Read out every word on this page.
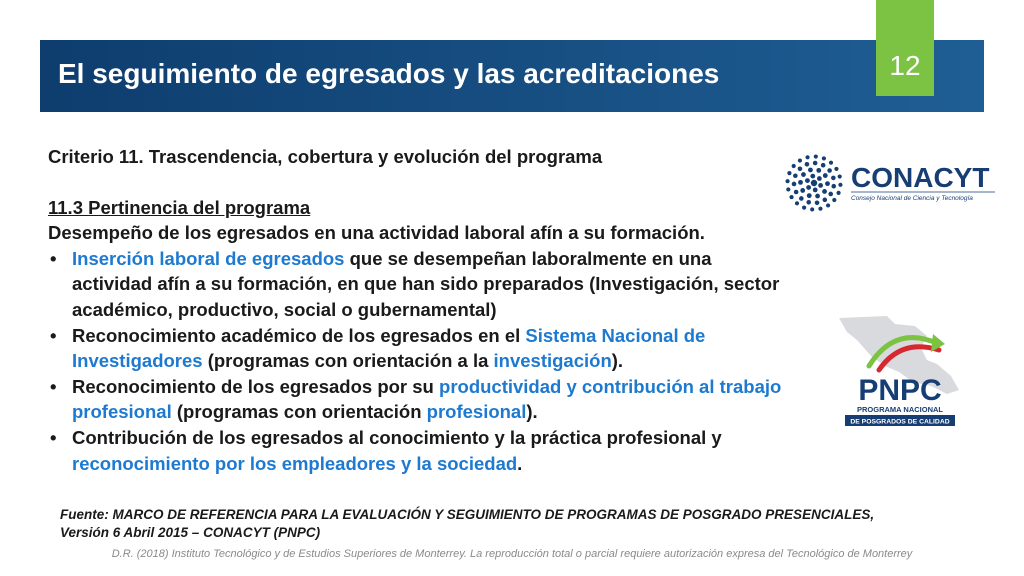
El seguimiento de egresados y las acreditaciones	12

Criterio 11. Trascendencia, cobertura y evolución del programa

11.3 Pertinencia del programa

Desempeño de los egresados en una actividad laboral afín a su formación.

• Inserción laboral de egresados que se desempeñan laboralmente en una actividad afín a su formación, en que han sido preparados (Investigación, sector académico, productivo, social o gubernamental)
• Reconocimiento académico de los egresados en el Sistema Nacional de Investigadores (programas con orientación a la investigación).
• Reconocimiento de los egresados por su productividad y contribución al trabajo profesional (programas con orientación profesional).
• Contribución de los egresados al conocimiento y la práctica profesional y reconocimiento por los empleadores y la sociedad.
CONACYT
Consejo Nacional de Ciencia y Tecnología
PNPC
PROGRAMA NACIONAL
DE POSGRADOS DE CALIDAD
Fuente: MARCO DE REFERENCIA PARA LA EVALUACIÓN Y SEGUIMIENTO DE PROGRAMAS DE POSGRADO PRESENCIALES,
Versión 6 Abril 2015 – CONACYT (PNPC)
D.R. (2018) Instituto Tecnológico y de Estudios Superiores de Monterrey. La reproducción total o parcial requiere autorización expresa del Tecnológico de Monterrey
